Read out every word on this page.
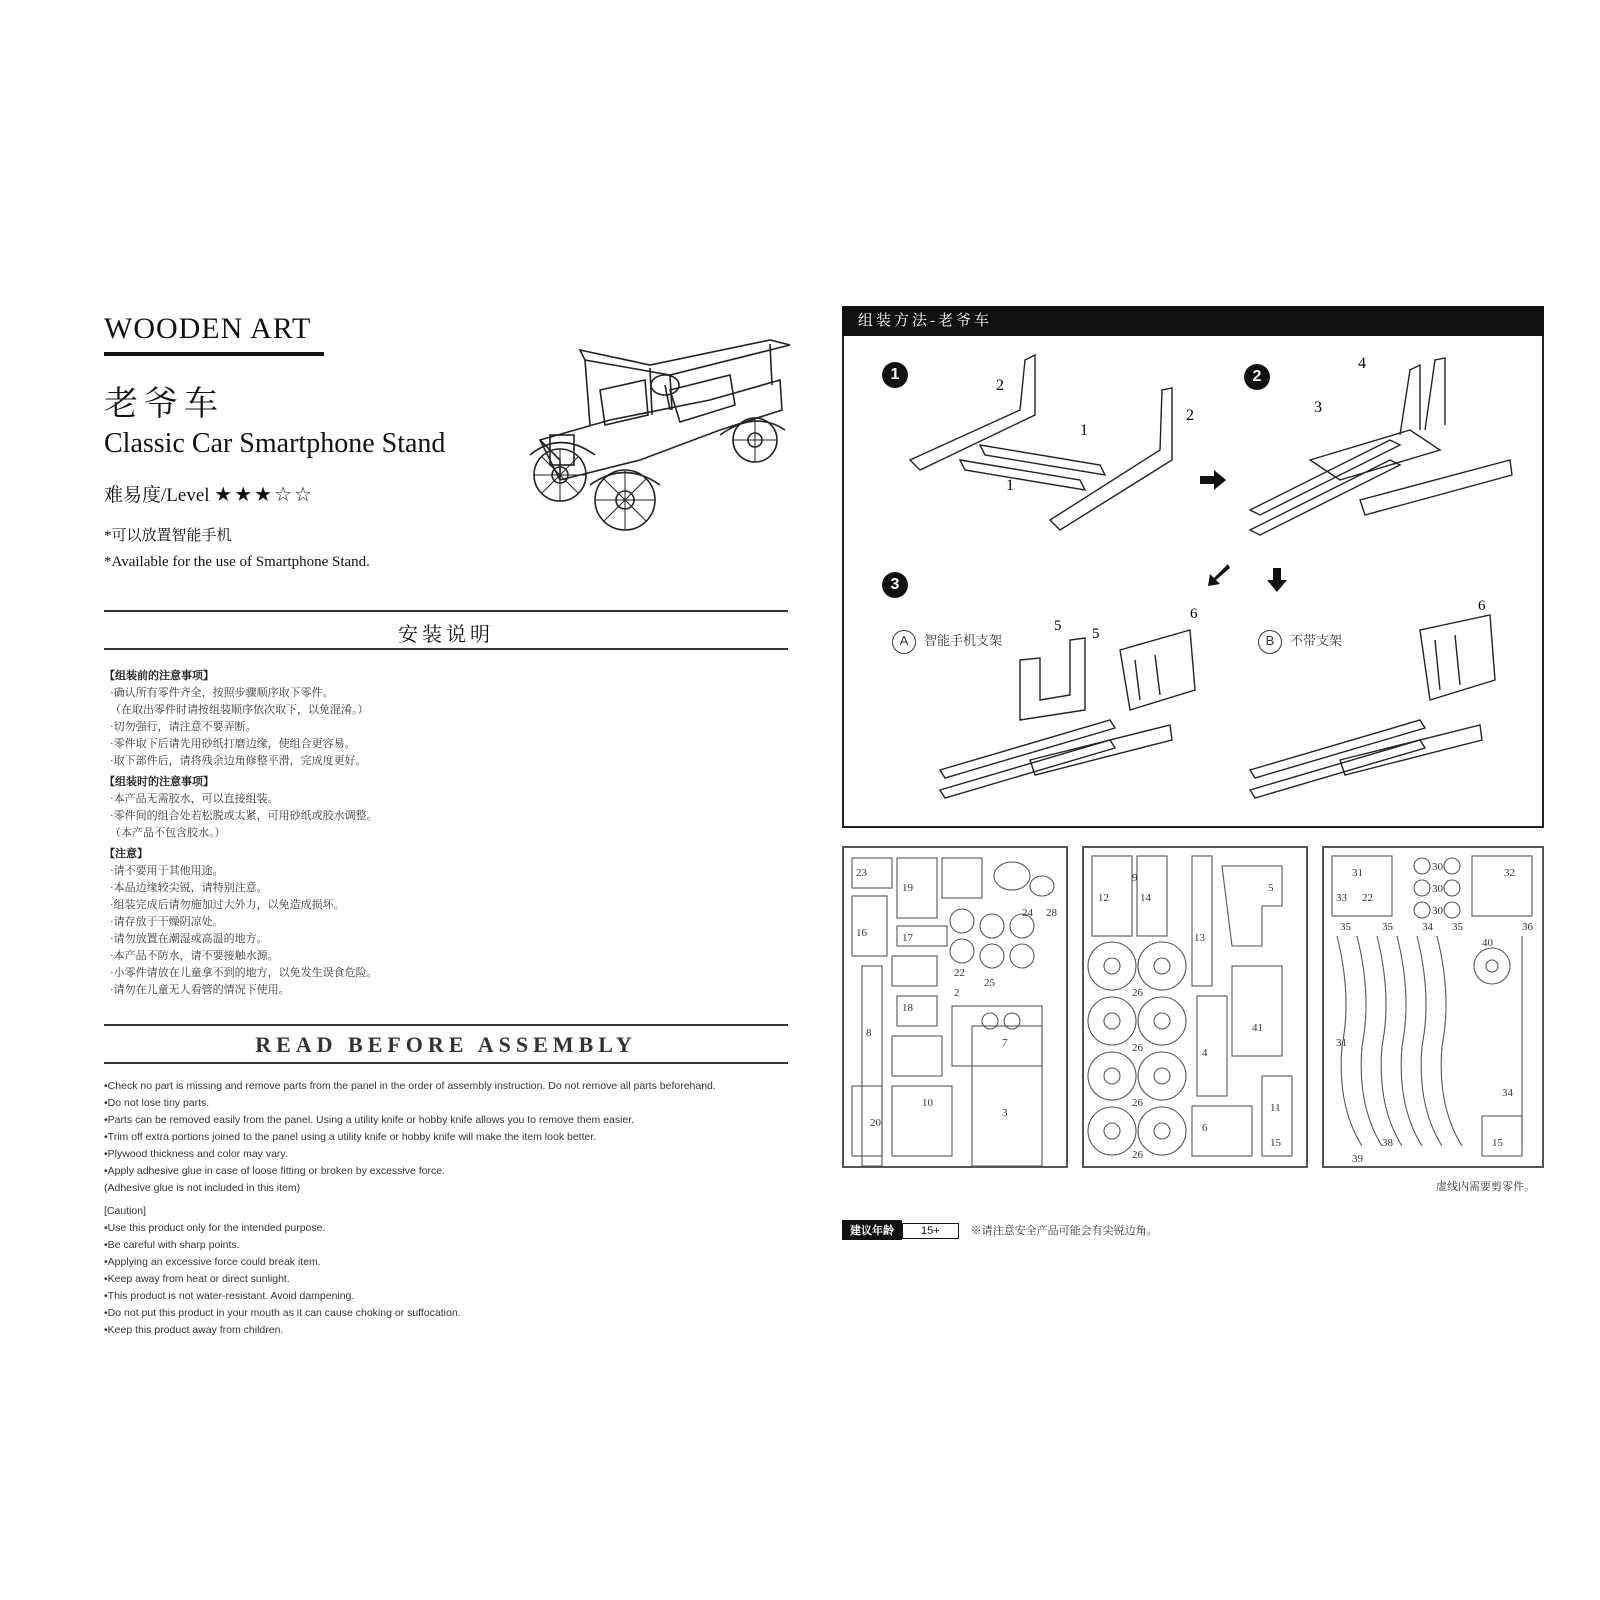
WOODEN ART
老爷车
Classic Car Smartphone Stand
难易度/Level ★★★☆☆
*可以放置智能手机
*Available for the use of Smartphone Stand.
安装说明
【组装前的注意事项】
·确认所有零件齐全，按照步骤顺序取下零件。
（在取出零件时请按组装顺序依次取下，以免混淆。）
·切勿强行，请注意不要弄断。
·零件取下后请先用砂纸打磨边缘，使组合更容易。
·取下部件后，请将残余边角修整平滑，完成度更好。
【组装时的注意事项】
·本产品无需胶水，可以直接组装。
·零件间的组合处若松脱或太紧，可用砂纸或胶水调整。
（本产品不包含胶水。）
【注意】
·请不要用于其他用途。
·本品边缘较尖锐，请特别注意。
·组装完成后请勿施加过大外力，以免造成损坏。
·请存放于干燥阴凉处。
·请勿放置在潮湿或高温的地方。
·本产品不防水，请不要接触水源。
·小零件请放在儿童拿不到的地方，以免发生误食危险。
·请勿在儿童无人看管的情况下使用。
READ BEFORE ASSEMBLY
•Check no part is missing and remove parts from the panel in the order of assembly instruction. Do not remove all parts beforehand.
•Do not lose tiny parts.
•Parts can be removed easily from the panel. Using a utility knife or hobby knife allows you to remove them easier.
•Trim off extra portions joined to the panel using a utility knife or hobby knife will make the item look better.
•Plywood thickness and color may vary.
•Apply adhesive glue in case of loose fitting or broken by excessive force.
(Adhesive glue is not included in this item)
[Caution]
•Use this product only for the intended purpose.
•Be careful with sharp points.
•Applying an excessive force could break item.
•Keep away from heat or direct sunlight.
•This product is not water-resistant. Avoid dampening.
•Do not put this product in your mouth as it can cause choking or suffocation.
•Keep this product away from children.
组装方法-老爷车
1	2
3
2
1
1
2
4
3
A 智能手机支架	B 不带支架
5 5
6	6
23
19
16	17
18
25
7
3
20
24 28
10
8
22
2
9
12	14
13
5
26
26
26
26
4
41
11
6
15
31	30
30
30
33 22
35	35	35
34	36
40
34
31
32
39
38	15
虚线内需要剪零件。
建议年龄 15+	※请注意安全产品可能会有尖锐边角。
